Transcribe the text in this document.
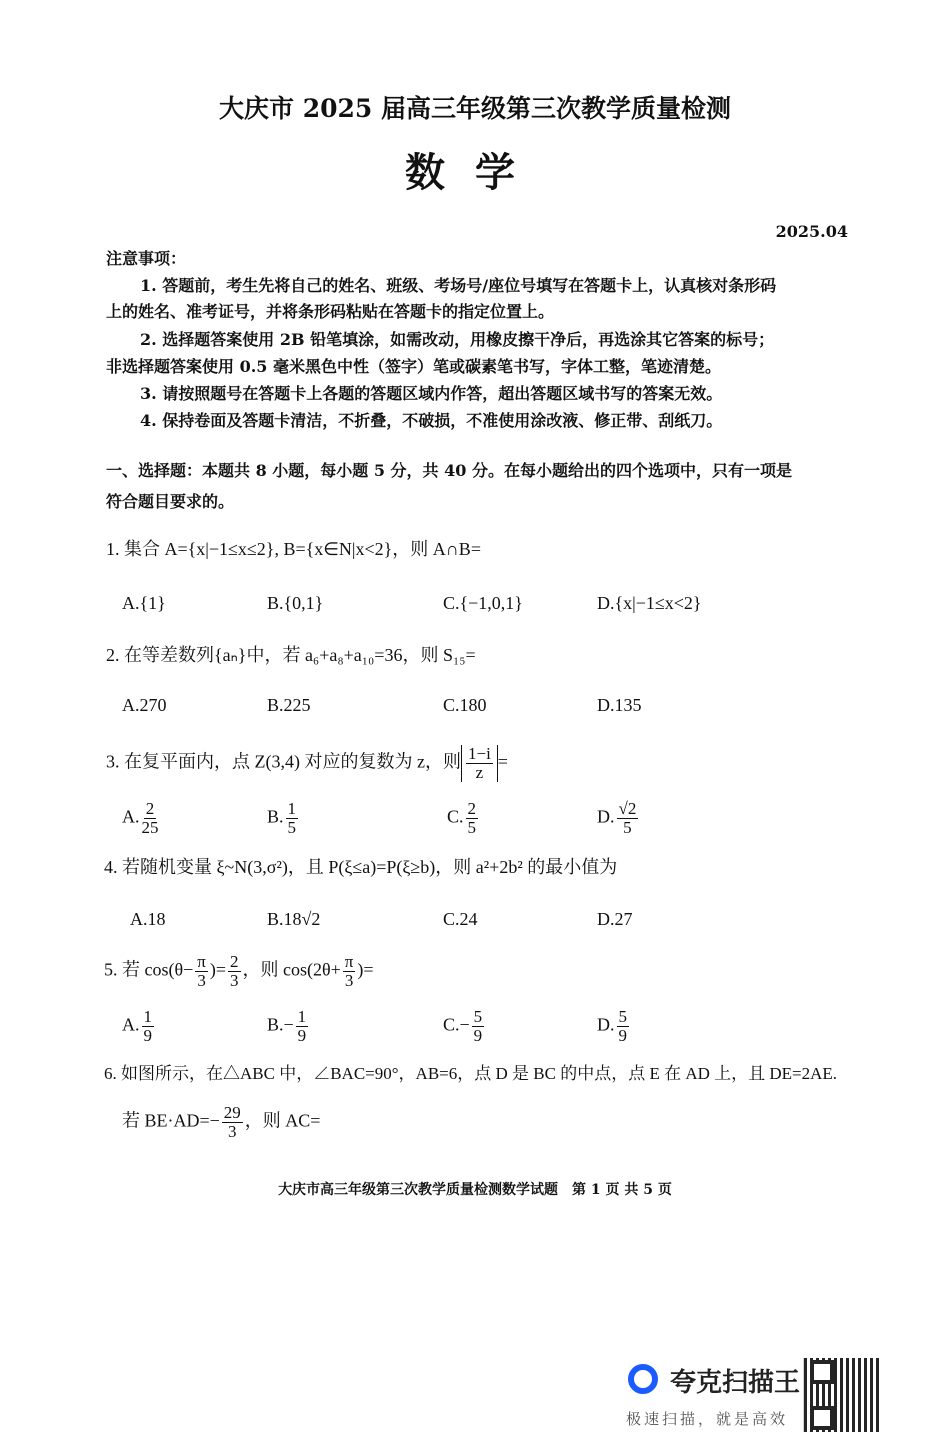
大庆市 2025 届高三年级第三次教学质量检测
数学
2025.04
注意事项：
1. 答题前，考生先将自己的姓名、班级、考场号/座位号填写在答题卡上，认真核对条形码
上的姓名、准考证号，并将条形码粘贴在答题卡的指定位置上。
2. 选择题答案使用 2B 铅笔填涂，如需改动，用橡皮擦干净后，再选涂其它答案的标号；
非选择题答案使用 0.5 毫米黑色中性（签字）笔或碳素笔书写，字体工整，笔迹清楚。
3. 请按照题号在答题卡上各题的答题区域内作答，超出答题区域书写的答案无效。
4. 保持卷面及答题卡清洁，不折叠，不破损，不准使用涂改液、修正带、刮纸刀。
一、选择题：本题共 8 小题，每小题 5 分，共 40 分。在每小题给出的四个选项中，只有一项是
符合题目要求的。
1. 集合 A={x|−1≤x≤2}, B={x∈N|x<2}，则 A∩B=
A.{1}	B.{0,1}	C.{−1,0,1}	D.{x|−1≤x<2}
2. 在等差数列{aₙ}中，若 a₆+a₈+a₁₀=36，则 S₁₅=
A.270	B.225	C.180	D.135
3. 在复平面内，点 Z(3,4) 对应的复数为 z，则 $\frac{1-i}{z}$ =
A. $\frac{2}{25}$	B. $\frac{1}{5}$	C. $\frac{2}{5}$	D. $\frac{√2}{5}$
4. 若随机变量 ξ~N(3,σ²)，且 P(ξ≤a)=P(ξ≥b)，则 a²+2b² 的最小值为
A.18	B.18√2	C.24	D.27
5. 若 $\cos(\theta- \frac{\pi}{3}$ )= $\frac{2}{3}$ ，则 $\cos(2\theta+ \frac{\pi}{3}$ )=
A. $\frac{1}{9}$	$B.- \frac{1}{9}$	$C.- \frac{5}{9}$	D. $\frac{5}{9}$
6. 如图所示，在△ABC 中，∠BAC=90°，AB=6，点 D 是 BC 的中点，点 E 在 AD 上，且 DE=2AE.
若 $BE\cdot AD=- \frac{29}{3}$ ，则 AC=
大庆市高三年级第三次教学质量检测数学试题　第 1 页 共 5 页
夸克扫描王
极速扫描，就是高效
